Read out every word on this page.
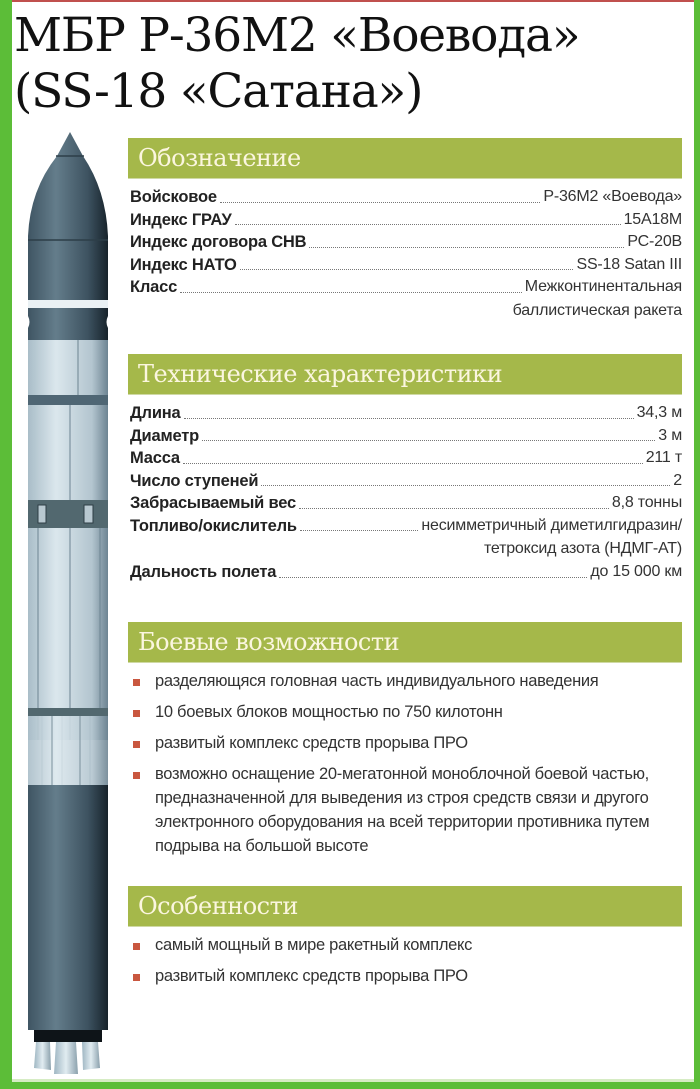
МБР Р-36М2 «Воевода»
(SS-18 «Сатана»)
Обозначение
Войсковое	Р-36М2 «Воевода»
Индекс ГРАУ	15А18М
Индекс договора СНВ	РС-20В
Индекс НАТО	SS-18 Satan III
Класс	Межконтинентальная
баллистическая ракета
Технические характеристики
Длина	34,3 м
Диаметр	3 м
Масса	211 т
Число ступеней	2
Забрасываемый вес	8,8 тонны
Топливо/окислитель	несимметричный диметилгидразин/
тетроксид азота (НДМГ-АТ)
Дальность полета	до 15 000 км
Боевые возможности
разделяющяся головная часть индивидуального наведения
10 боевых блоков мощностью по 750 килотонн
развитый комплекс средств прорыва ПРО
возможно оснащение 20-мегатонной моноблочной боевой частью, предназначенной для выведения из строя средств связи и другого электронного оборудования на всей территории противника путем подрыва на большой высоте
Особенности
самый мощный в мире ракетный комплекс
развитый комплекс средств прорыва ПРО
